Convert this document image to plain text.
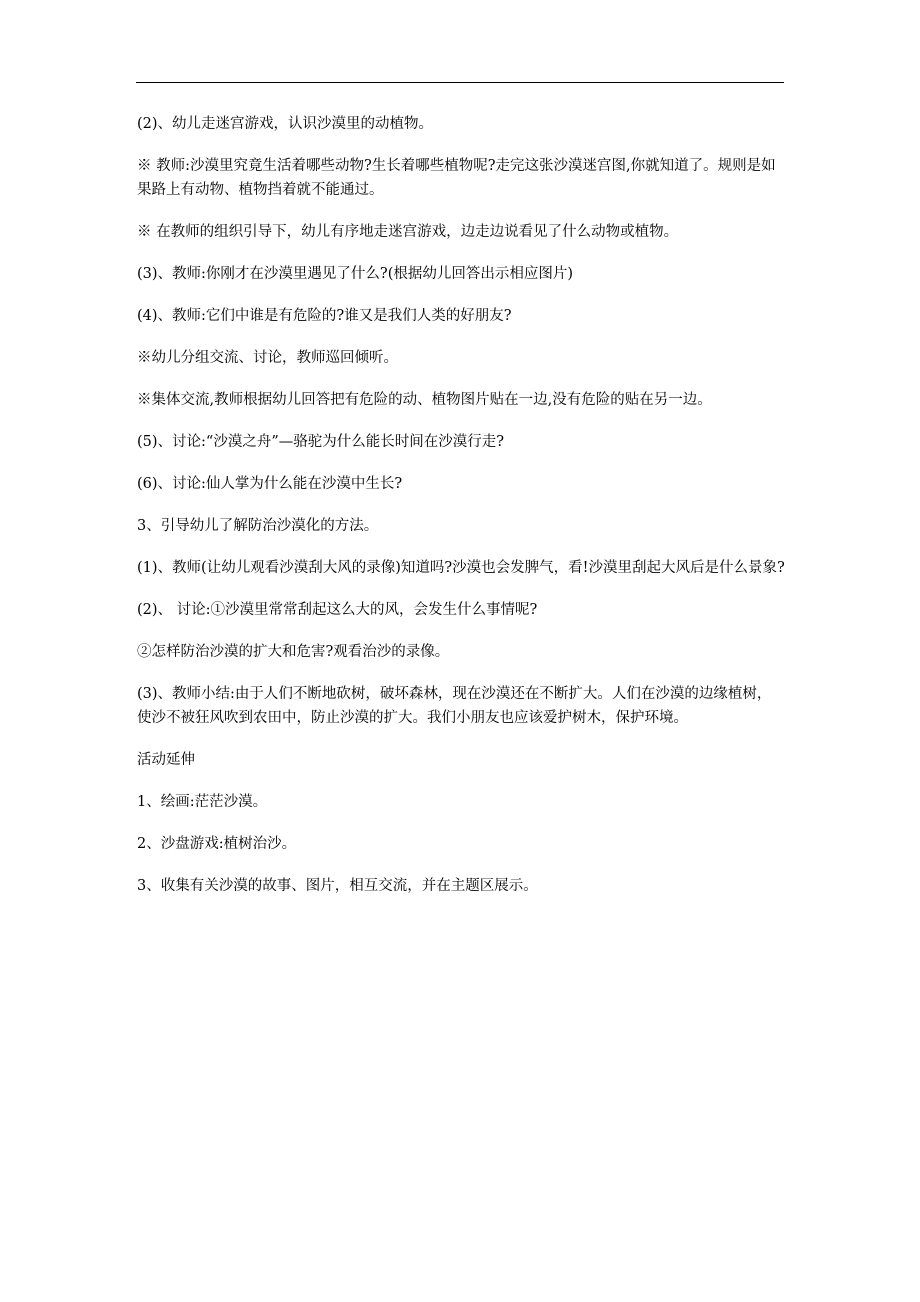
(2)、幼儿走迷宫游戏，认识沙漠里的动植物。

※ 教师:沙漠里究竟生活着哪些动物?生长着哪些植物呢?走完这张沙漠迷宫图,你就知道了。规则是如果路上有动物、植物挡着就不能通过。

※ 在教师的组织引导下，幼儿有序地走迷宫游戏，边走边说看见了什么动物或植物。

(3)、教师:你刚才在沙漠里遇见了什么?(根据幼儿回答出示相应图片)

(4)、教师:它们中谁是有危险的?谁又是我们人类的好朋友?

※幼儿分组交流、讨论，教师巡回倾听。

※集体交流,教师根据幼儿回答把有危险的动、植物图片贴在一边,没有危险的贴在另一边。

(5)、讨论:“沙漠之舟”—骆驼为什么能长时间在沙漠行走?

(6)、讨论:仙人掌为什么能在沙漠中生长?

3、引导幼儿了解防治沙漠化的方法。

(1)、教师(让幼儿观看沙漠刮大风的录像)知道吗?沙漠也会发脾气，看!沙漠里刮起大风后是什么景象?

(2)、 讨论:①沙漠里常常刮起这么大的风，会发生什么事情呢?

②怎样防治沙漠的扩大和危害?观看治沙的录像。

(3)、教师小结:由于人们不断地砍树，破坏森林，现在沙漠还在不断扩大。人们在沙漠的边缘植树，使沙不被狂风吹到农田中，防止沙漠的扩大。我们小朋友也应该爱护树木，保护环境。

活动延伸

1、绘画:茫茫沙漠。

2、沙盘游戏:植树治沙。

3、收集有关沙漠的故事、图片，相互交流，并在主题区展示。
